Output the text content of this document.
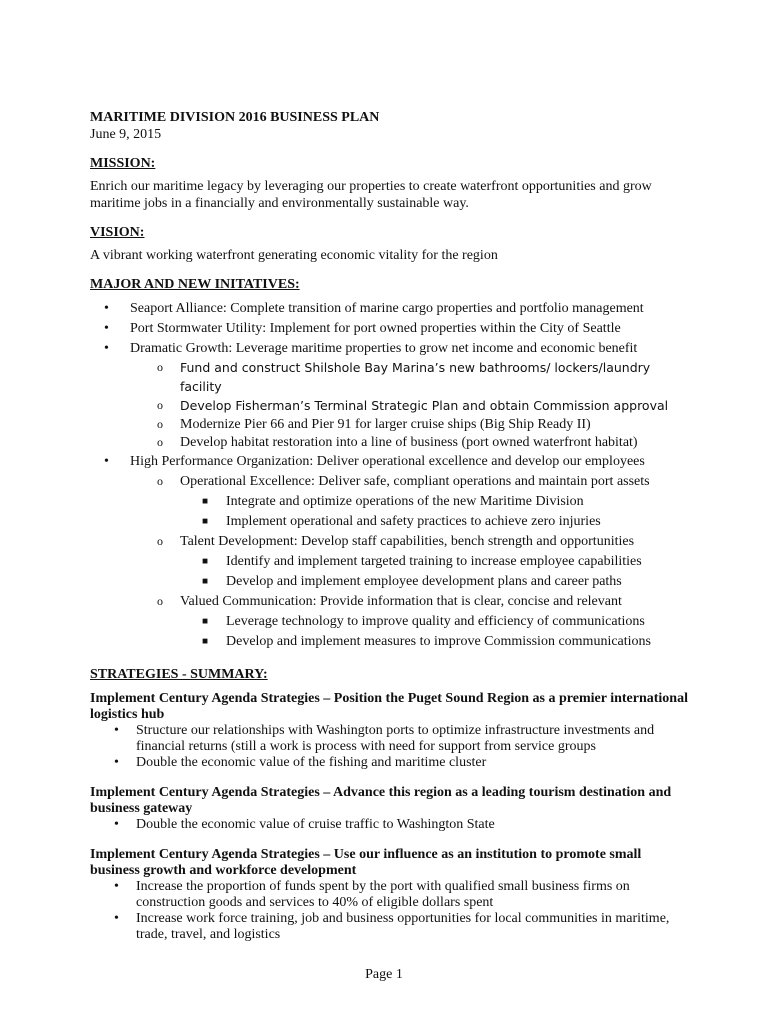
MARITIME DIVISION 2016 BUSINESS PLAN

June 9, 2015

MISSION:

Enrich our maritime legacy by leveraging our properties to create waterfront opportunities and grow maritime jobs in a financially and environmentally sustainable way.

VISION:

A vibrant working waterfront generating economic vitality for the region

MAJOR AND NEW INITATIVES:

• Seaport Alliance: Complete transition of marine cargo properties and portfolio management
• Port Stormwater Utility: Implement for port owned properties within the City of Seattle
• Dramatic Growth: Leverage maritime properties to grow net income and economic benefit
o Fund and construct Shilshole Bay Marina’s new bathrooms/ lockers/laundry facility
o Develop Fisherman’s Terminal Strategic Plan and obtain Commission approval
o Modernize Pier 66 and Pier 91 for larger cruise ships (Big Ship Ready II)
o Develop habitat restoration into a line of business (port owned waterfront habitat)
• High Performance Organization: Deliver operational excellence and develop our employees
o Operational Excellence: Deliver safe, compliant operations and maintain port assets
■ Integrate and optimize operations of the new Maritime Division
■ Implement operational and safety practices to achieve zero injuries
o Talent Development: Develop staff capabilities, bench strength and opportunities
■ Identify and implement targeted training to increase employee capabilities
■ Develop and implement employee development plans and career paths
o Valued Communication: Provide information that is clear, concise and relevant
■ Leverage technology to improve quality and efficiency of communications
■ Develop and implement measures to improve Commission communications

STRATEGIES - SUMMARY:

Implement Century Agenda Strategies – Position the Puget Sound Region as a premier international logistics hub

• Structure our relationships with Washington ports to optimize infrastructure investments and financial returns (still a work is process with need for support from service groups
• Double the economic value of the fishing and maritime cluster

Implement Century Agenda Strategies – Advance this region as a leading tourism destination and business gateway

• Double the economic value of cruise traffic to Washington State

Implement Century Agenda Strategies – Use our influence as an institution to promote small business growth and workforce development

• Increase the proportion of funds spent by the port with qualified small business firms on construction goods and services to 40% of eligible dollars spent
• Increase work force training, job and business opportunities for local communities in maritime, trade, travel, and logistics
Page 1
